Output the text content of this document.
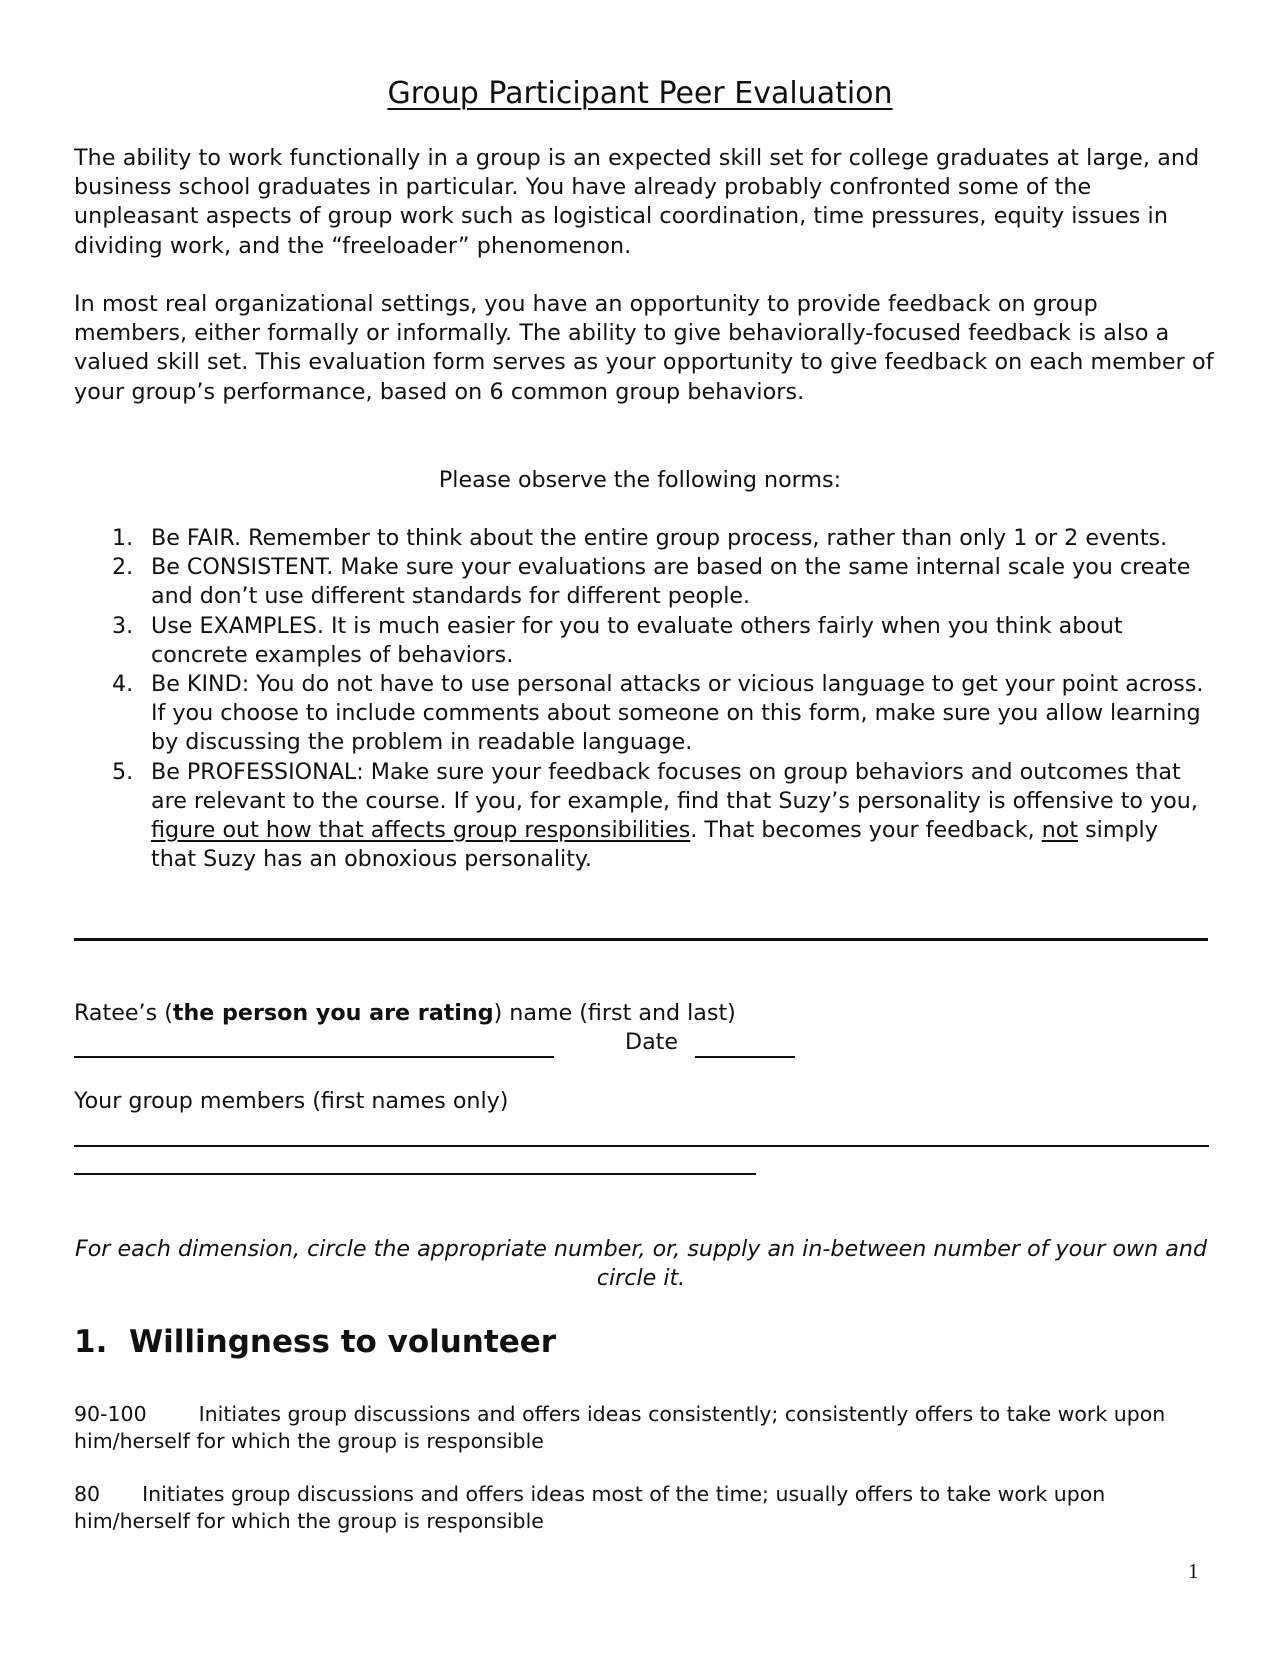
Group Participant Peer Evaluation
The ability to work functionally in a group is an expected skill set for college graduates at large, and business school graduates in particular. You have already probably confronted some of the unpleasant aspects of group work such as logistical coordination, time pressures, equity issues in dividing work, and the “freeloader” phenomenon.
In most real organizational settings, you have an opportunity to provide feedback on group members, either formally or informally. The ability to give behaviorally-focused feedback is also a valued skill set. This evaluation form serves as your opportunity to give feedback on each member of your group’s performance, based on 6 common group behaviors.
Please observe the following norms:
1. Be FAIR. Remember to think about the entire group process, rather than only 1 or 2 events.
2. Be CONSISTENT. Make sure your evaluations are based on the same internal scale you create and don’t use different standards for different people.
3. Use EXAMPLES. It is much easier for you to evaluate others fairly when you think about concrete examples of behaviors.
4. Be KIND: You do not have to use personal attacks or vicious language to get your point across. If you choose to include comments about someone on this form, make sure you allow learning by discussing the problem in readable language.
5. Be PROFESSIONAL: Make sure your feedback focuses on group behaviors and outcomes that are relevant to the course. If you, for example, find that Suzy’s personality is offensive to you, figure out how that affects group responsibilities. That becomes your feedback, not simply that Suzy has an obnoxious personality.
Ratee’s (the person you are rating) name (first and last)
Date
Your group members (first names only)
For each dimension, circle the appropriate number, or, supply an in-between number of your own and circle it.
1. Willingness to volunteer
90-100	Initiates group discussions and offers ideas consistently; consistently offers to take work upon him/herself for which the group is responsible
80 Initiates group discussions and offers ideas most of the time; usually offers to take work upon him/herself for which the group is responsible
1
